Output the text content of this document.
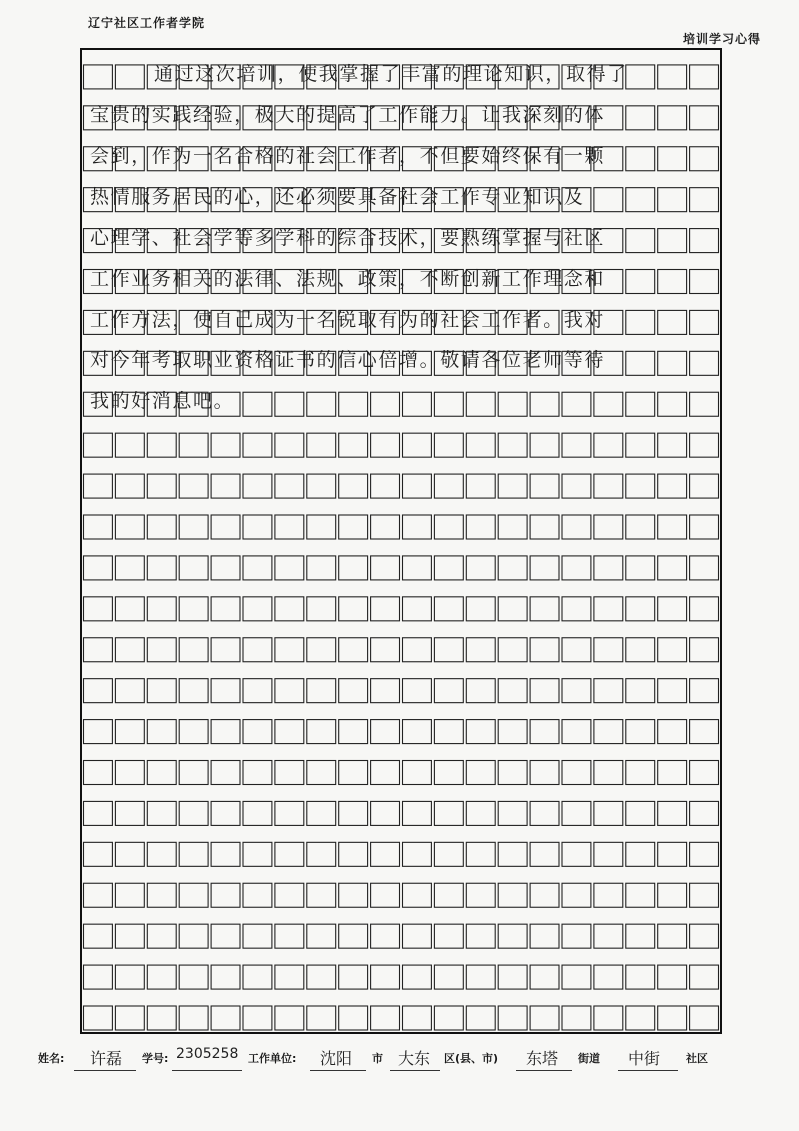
辽宁社区工作者学院
培训学习心得
通过这次培训，使我掌握了丰富的理论知识，取得了
宝贵的实践经验，极大的提高了工作能力。让我深刻的体
会到，作为一名合格的社会工作者，不但要始终保有一颗
热情服务居民的心，还必须要具备社会工作专业知识及
心理学、社会学等多学科的综合技术，要熟练掌握与社区
工作业务相关的法律、法规、政策，不断创新工作理念和
工作方法，使自己成为一名锐取有为的社会工作者。我对
对今年考取职业资格证书的信心倍增。敬请各位老师等待
我的好消息吧。
姓名: 许磊 学号: 2305258 工作单位: 沈阳 市 大东 区(县、市) 东塔 街道 中街 社区
